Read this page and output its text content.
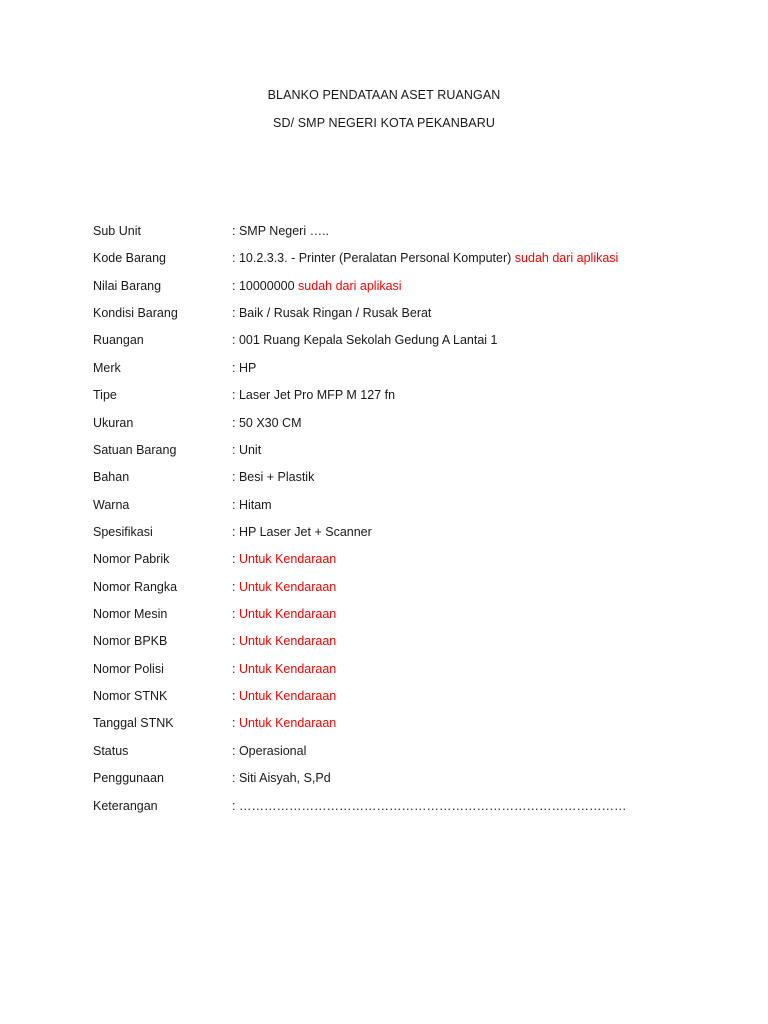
BLANKO PENDATAAN ASET RUANGAN
SD/ SMP NEGERI KOTA PEKANBARU
Sub Unit	: SMP Negeri …..
Kode Barang	: 10.2.3.3. - Printer (Peralatan Personal Komputer) sudah dari aplikasi
Nilai Barang	: 10000000 sudah dari aplikasi
Kondisi Barang	: Baik / Rusak Ringan / Rusak Berat
Ruangan	: 001 Ruang Kepala Sekolah Gedung A Lantai 1
Merk	: HP
Tipe	: Laser Jet Pro MFP M 127 fn
Ukuran	: 50 X30 CM
Satuan Barang	: Unit
Bahan	: Besi + Plastik
Warna	: Hitam
Spesifikasi	: HP Laser Jet + Scanner
Nomor Pabrik	: Untuk Kendaraan
Nomor Rangka	: Untuk Kendaraan
Nomor Mesin	: Untuk Kendaraan
Nomor BPKB	: Untuk Kendaraan
Nomor Polisi	: Untuk Kendaraan
Nomor STNK	: Untuk Kendaraan
Tanggal STNK	: Untuk Kendaraan
Status	: Operasional
Penggunaan	: Siti Aisyah, S,Pd
Keterangan	: …………………………………………………………………………………
